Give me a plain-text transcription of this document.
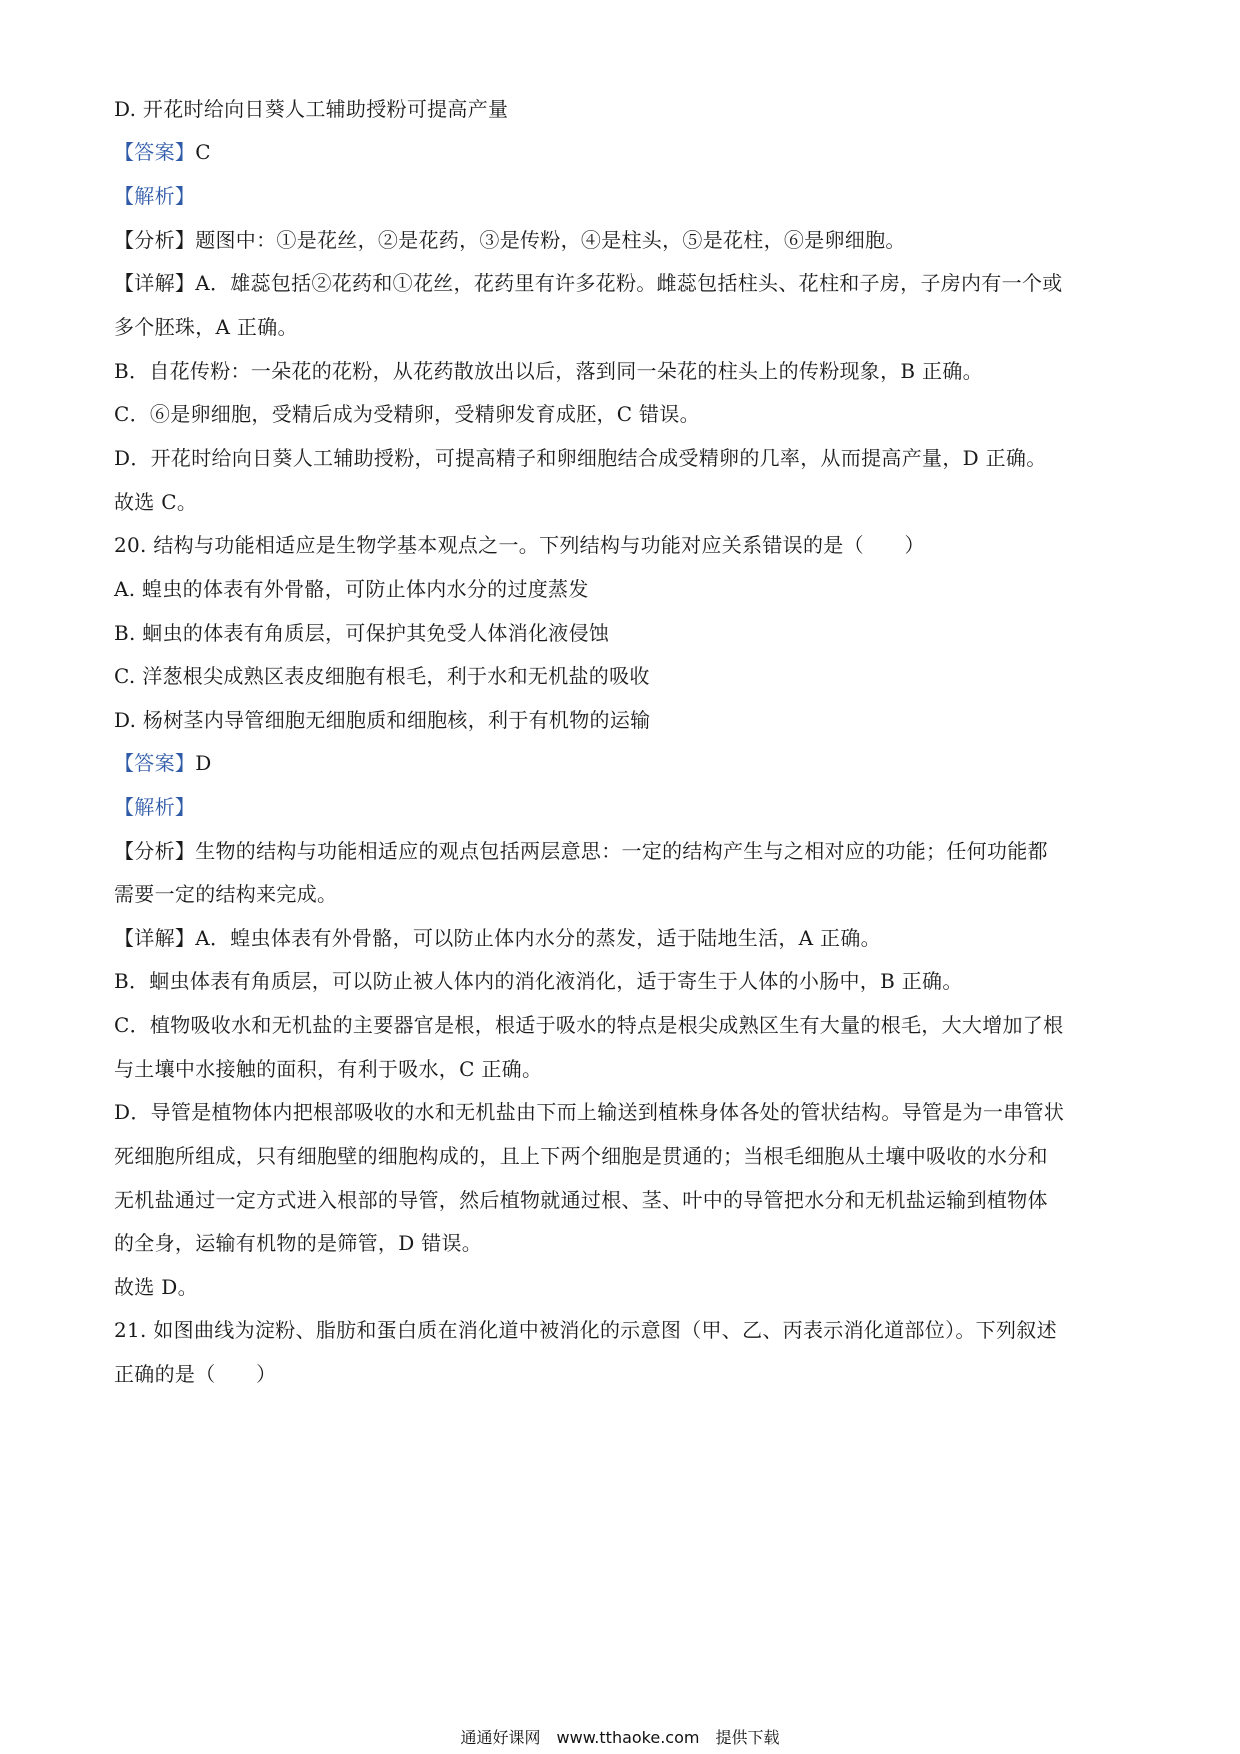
D. 开花时给向日葵人工辅助授粉可提高产量
【答案】C
【解析】
【分析】题图中：①是花丝，②是花药，③是传粉，④是柱头，⑤是花柱，⑥是卵细胞。
【详解】A．雄蕊包括②花药和①花丝，花药里有许多花粉。雌蕊包括柱头、花柱和子房，子房内有一个或
多个胚珠，A 正确。
B．自花传粉：一朵花的花粉，从花药散放出以后，落到同一朵花的柱头上的传粉现象，B 正确。
C．⑥是卵细胞，受精后成为受精卵，受精卵发育成胚，C 错误。
D．开花时给向日葵人工辅助授粉，可提高精子和卵细胞结合成受精卵的几率，从而提高产量，D 正确。
故选 C。
20. 结构与功能相适应是生物学基本观点之一。下列结构与功能对应关系错误的是（　　）
A. 蝗虫的体表有外骨骼，可防止体内水分的过度蒸发
B. 蛔虫的体表有角质层，可保护其免受人体消化液侵蚀
C. 洋葱根尖成熟区表皮细胞有根毛，利于水和无机盐的吸收
D. 杨树茎内导管细胞无细胞质和细胞核，利于有机物的运输
【答案】D
【解析】
【分析】生物的结构与功能相适应的观点包括两层意思：一定的结构产生与之相对应的功能；任何功能都
需要一定的结构来完成。
【详解】A．蝗虫体表有外骨骼，可以防止体内水分的蒸发，适于陆地生活，A 正确。
B．蛔虫体表有角质层，可以防止被人体内的消化液消化，适于寄生于人体的小肠中，B 正确。
C．植物吸收水和无机盐的主要器官是根，根适于吸水的特点是根尖成熟区生有大量的根毛，大大增加了根
与土壤中水接触的面积，有利于吸水，C 正确。
D．导管是植物体内把根部吸收的水和无机盐由下而上输送到植株身体各处的管状结构。导管是为一串管状
死细胞所组成，只有细胞壁的细胞构成的，且上下两个细胞是贯通的；当根毛细胞从土壤中吸收的水分和
无机盐通过一定方式进入根部的导管，然后植物就通过根、茎、叶中的导管把水分和无机盐运输到植物体
的全身，运输有机物的是筛管，D 错误。
故选 D。
21. 如图曲线为淀粉、脂肪和蛋白质在消化道中被消化的示意图（甲、乙、丙表示消化道部位）。下列叙述
正确的是（　　）
通通好课网　www.tthaoke.com　提供下载
